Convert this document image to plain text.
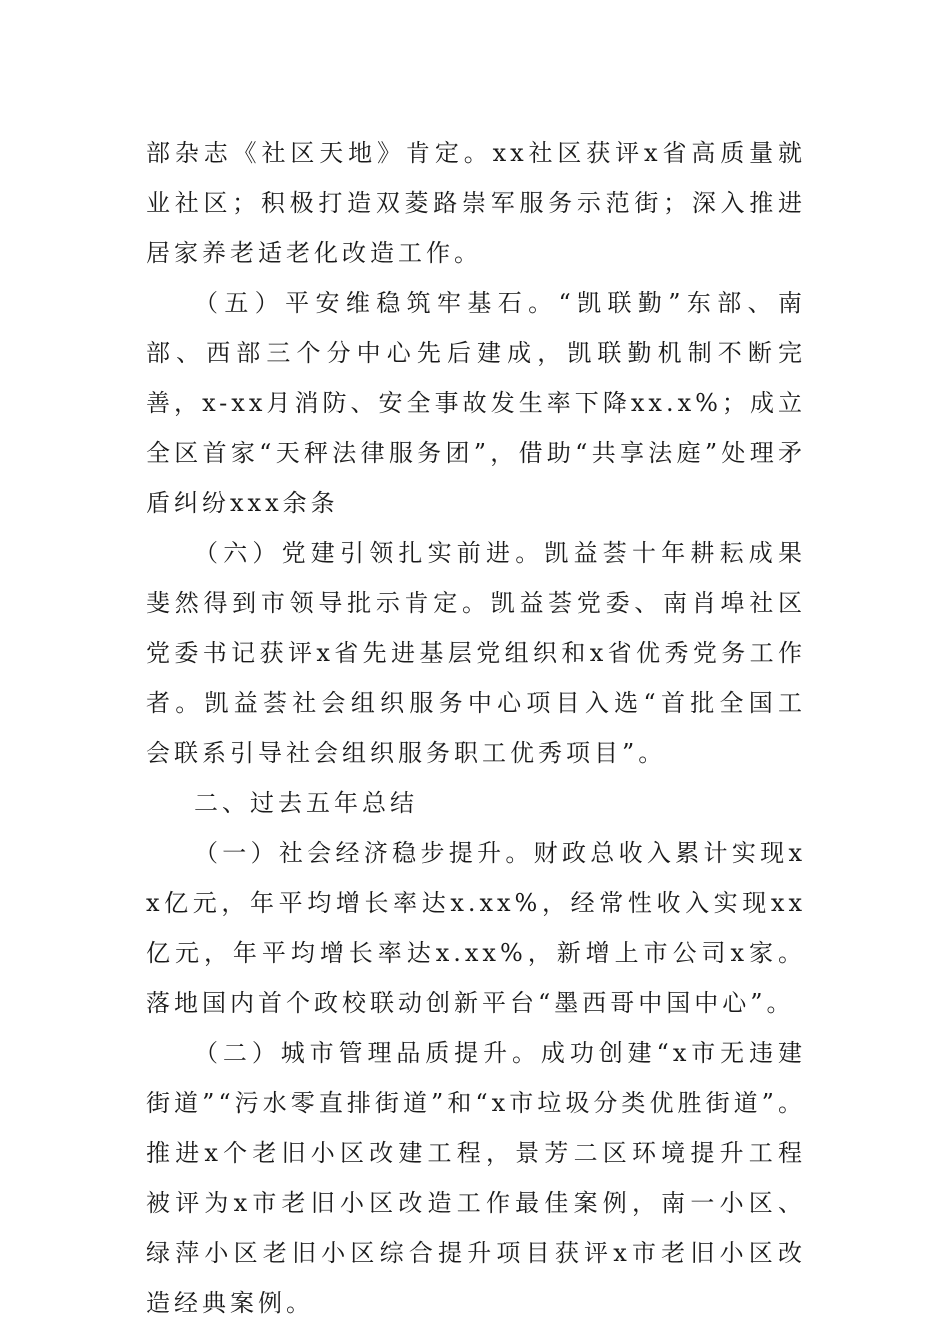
部杂志《社区天地》肯定。xx社区获评x省高质量就业社区；积极打造双菱路崇军服务示范街；深入推进居家养老适老化改造工作。

（五）平安维稳筑牢基石。“凯联勤”东部、南部、西部三个分中心先后建成，凯联勤机制不断完善，x-xx月消防、安全事故发生率下降xx.x%；成立全区首家“天秤法律服务团”，借助“共享法庭”处理矛盾纠纷xxx余条

（六）党建引领扎实前进。凯益荟十年耕耘成果斐然得到市领导批示肯定。凯益荟党委、南肖埠社区党委书记获评x省先进基层党组织和x省优秀党务工作者。凯益荟社会组织服务中心项目入选“首批全国工会联系引导社会组织服务职工优秀项目”。

二、过去五年总结

（一）社会经济稳步提升。财政总收入累计实现xx亿元，年平均增长率达x.xx%，经常性收入实现xx亿元，年平均增长率达x.xx%，新增上市公司x家。落地国内首个政校联动创新平台“墨西哥中国中心”。

（二）城市管理品质提升。成功创建“x市无违建街道”“污水零直排街道”和“x市垃圾分类优胜街道”。推进x个老旧小区改建工程，景芳二区环境提升工程被评为x市老旧小区改造工作最佳案例，南一小区、绿萍小区老旧小区综合提升项目获评x市老旧小区改造经典案例。
